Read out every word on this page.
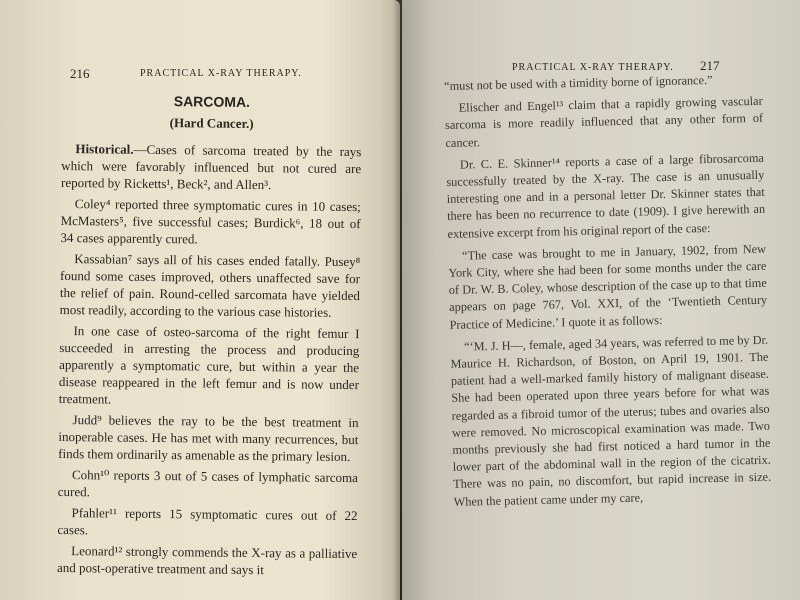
216	PRACTICAL X-RAY THERAPY.
SARCOMA.
(Hard Cancer.)

Historical.—Cases of sarcoma treated by the rays which were favorably influenced but not cured are reported by Ricketts¹, Beck², and Allen³.

Coley⁴ reported three symptomatic cures in 10 cases; McMasters⁵, five successful cases; Burdick⁶, 18 out of 34 cases apparently cured.

Kassabian⁷ says all of his cases ended fatally. Pusey⁸ found some cases improved, others unaffected save for the relief of pain. Round-celled sarcomata have yielded most readily, according to the various case histories.

In one case of osteo-sarcoma of the right femur I succeeded in arresting the process and producing apparently a symptomatic cure, but within a year the disease reappeared in the left femur and is now under treatment.

Judd⁹ believes the ray to be the best treatment in inoperable cases. He has met with many recurrences, but finds them ordinarily as amenable as the primary lesion.

Cohn¹⁰ reports 3 out of 5 cases of lymphatic sarcoma cured.

Pfahler¹¹ reports 15 symptomatic cures out of 22 cases.

Leonard¹² strongly commends the X-ray as a palliative and post-operative treatment and says it

PRACTICAL X-RAY THERAPY. 217

“must not be used with a timidity borne of ignorance.”

Elischer and Engel¹³ claim that a rapidly growing vascular sarcoma is more readily influenced that any other form of cancer.

Dr. C. E. Skinner¹⁴ reports a case of a large fibrosarcoma successfully treated by the X-ray. The case is an unusually interesting one and in a personal letter Dr. Skinner states that there has been no recurrence to date (1909). I give herewith an extensive excerpt from his original report of the case:

“The case was brought to me in January, 1902, from New York City, where she had been for some months under the care of Dr. W. B. Coley, whose description of the case up to that time appears on page 767, Vol. XXI, of the ‘Twentieth Century Practice of Medicine.’ I quote it as follows:

“‘M. J. H—, female, aged 34 years, was referred to me by Dr. Maurice H. Richardson, of Boston, on April 19, 1901. The patient had a well-marked family history of malignant disease. She had been operated upon three years before for what was regarded as a fibroid tumor of the uterus; tubes and ovaries also were removed. No microscopical examination was made. Two months previously she had first noticed a hard tumor in the lower part of the abdominal wall in the region of the cicatrix. There was no pain, no discomfort, but rapid increase in size. When the patient came under my care,
